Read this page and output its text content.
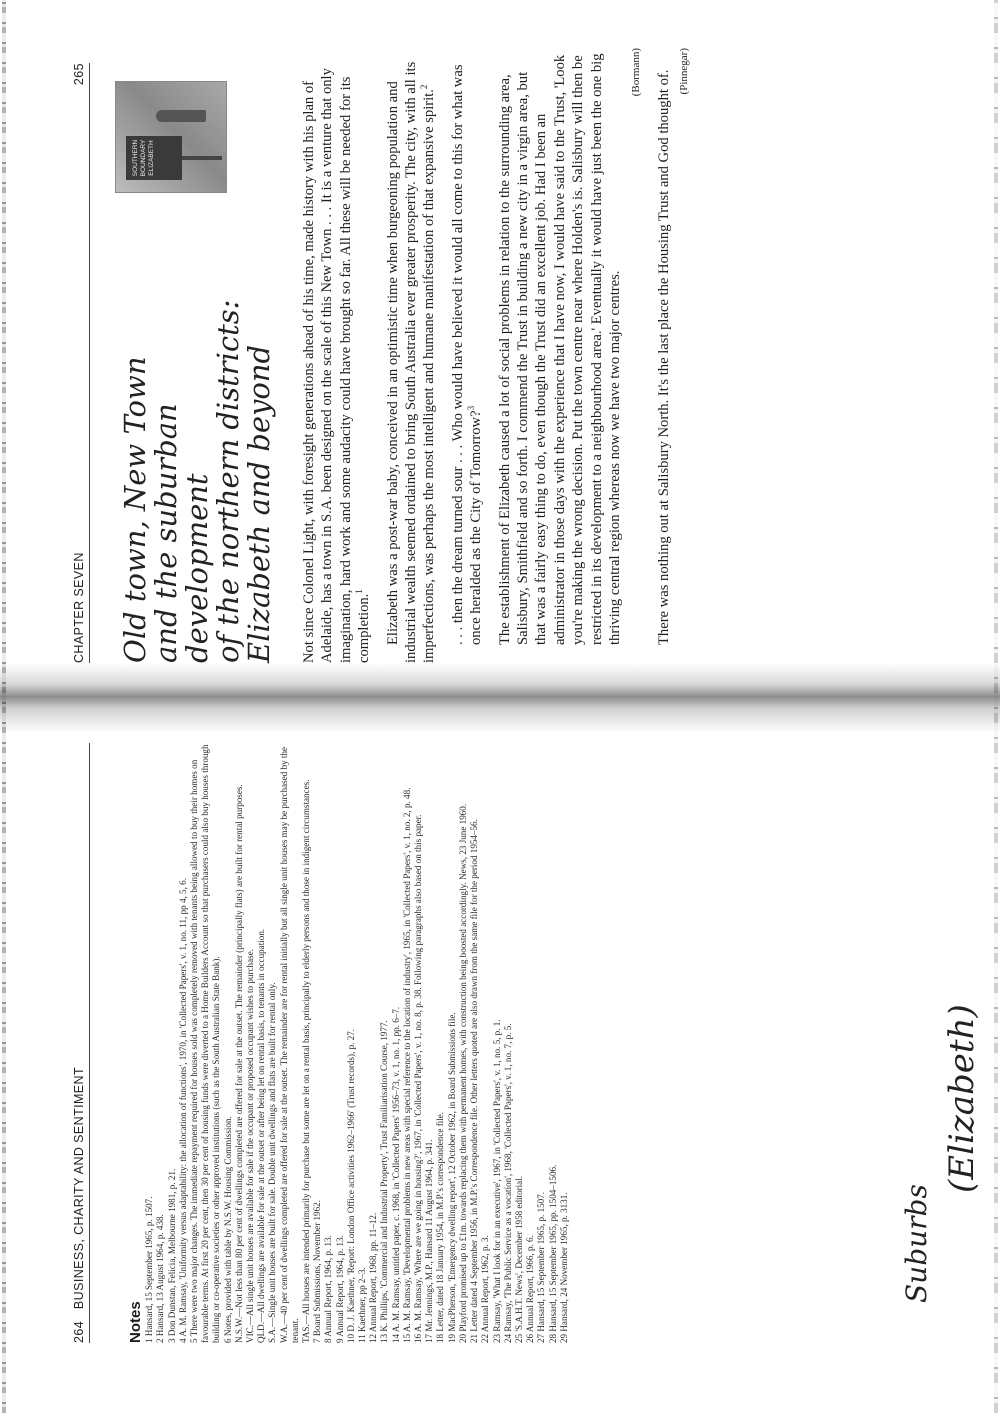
264 BUSINESS, CHARITY AND SENTIMENT
Notes 1 Hansard, 15 September 1965, p. 1507. 2 Hansard, 13 August 1964, p. 438. 3 Don Dunstan, Felicia, Melbourne 1981, p. 21. 4 A. M. Ramsay, 'Uniformity versus adaptability: the allocation of functions', 1970, in 'Collected Papers', v. 1, no. 11, pp 4, 5, 6. 5 There were two major changes. The immediate repayment required for houses sold was completely removed with tenants being allowed to buy their homes on favourable terms. At first 20 per cent, then 30 per cent of housing funds were diverted to a Home Builders Account so that purchasers could also buy houses through building or co-operative societies or other approved institutions (such as the South Australian State Bank). 6 Notes, provided with table by N.S.W. Housing Commission. N.S.W.—Not less than 80 per cent of dwellings completed are offered for sale at the outset. The remainder (principally flats) are built for rental purposes. VIC.—All single unit houses are available for sale if the occupant or proposed occupant wishes to purchase. QLD.—All dwellings are available for sale at the outset or after being let on rental basis, to tenants in occupation. S.A.—Single unit houses are built for sale. Double unit dwellings and flats are built for rental only. W.A.—40 per cent of dwellings completed are offered for sale at the outset. The remainder are for rental initially but all single unit houses may be purchased by the tenant. TAS.—All houses are intended primarily for purchase but some are let on a rental basis, principally to elderly persons and those in indigent circumstances. 7 Board Submissions, November 1962. 8 Annual Report, 1964, p. 13. 9 Annual Report, 1964, p. 13. 10 D. J. Kaethner, 'Report: London Office activities 1962–1966' (Trust records), p. 27. 11 Kaethner, pp 2–3. 12 Annual Report, 1968, pp. 11–12. 13 K. Phillips, 'Commercial and Industrial Property', Trust Familiarisation Course, 1977. 14 A. M. Ramsay, untitled paper, c. 1968, in 'Collected Papers' 1956–73, v. 1, no. 1, pp. 6–7. 15 A. M. Ramsay, 'Developmental problems in new areas with special reference to the location of industry', 1965, in 'Collected Papers', v. 1, no. 2, p. 48. 16 A. M. Ramsay, 'Where are we going in housing?', 1967, in 'Collected Papers', v. 1, no. 8, p. 38. Following paragraphs also based on this paper. 17 Mr. Jennings, M.P., Hansard 11 August 1964, p. 341. 18 Letter, dated 18 January 1954, in M.P.'s correspondence file. 19 MacPherson, 'Emergency dwelling report', 12 October 1962, in Board Submissions file. 20 Playford promised up to £1m. towards replacing them with permanent homes, with construction being boosted accordingly. News, 23 June 1960. 21 Letter dated 4 September 1956, in M.P.'s Correspondence file. Other letters quoted are also drawn from the same file for the period 1954–56. 22 Annual Report, 1962, p. 3. 23 Ramsay, 'What I look for in an executive', 1967, in 'Collected Papers', v. 1, no. 5, p. 1. 24 Ramsay, 'The Public Service as a vocation', 1968, 'Collected Papers', v. 1, no. 7, p. 5. 25 'S.A.H.T. News', December 1958 editorial. 26 Annual Report, 1966, p. 6. 27 Hansard, 15 September 1965, p. 1507. 28 Hansard, 15 September 1965, pp. 1504–1506. 29 Hansard, 24 November 1965, p. 3131.	Suburbs
(Elizabeth)
CHAPTER SEVEN
265
Old town, New Town
and the suburban development
of the northern districts:
Elizabeth and beyond
SOUTHERN BOUNDARY ELIZABETH	Not since Colonel Light, with foresight generations ahead of his time, made history with his plan of Adelaide, has a town in S.A. been designed on the scale of this New Town . . . It is a venture that only imagination, hard work and some audacity could have brought so far. All these will be needed for its completion.$^1$	Elizabeth was a post-war baby, conceived in an optimistic time when burgeoning population and industrial wealth seemed ordained to bring South Australia ever greater prosperity. The city, with all its imperfections, was perhaps the most intelligent and humane manifestation of that expansive spirit.$^2$	. . . then the dream turned sour . . . Who would have believed it would all come to this for what was once heralded as the City of Tomorrow?$^3$	The establishment of Elizabeth caused a lot of social problems in relation to the surrounding area, Salisbury, Smithfield and so forth. I commend the Trust in building a new city in a virgin area, but that was a fairly easy thing to do, even though the Trust did an excellent job. Had I been an administrator in those days with the experience that I have now, I would have said to the Trust, 'Look you're making the wrong decision. Put the town centre near where Holden's is. Salisbury will then be restricted in its development to a neighbourhood area.' Eventually it would have just been the one big thriving central region whereas now we have two major centres.

(Bormann) There was nothing out at Salisbury North. It's the last place the Housing Trust and God thought of. (Pinnegar)
